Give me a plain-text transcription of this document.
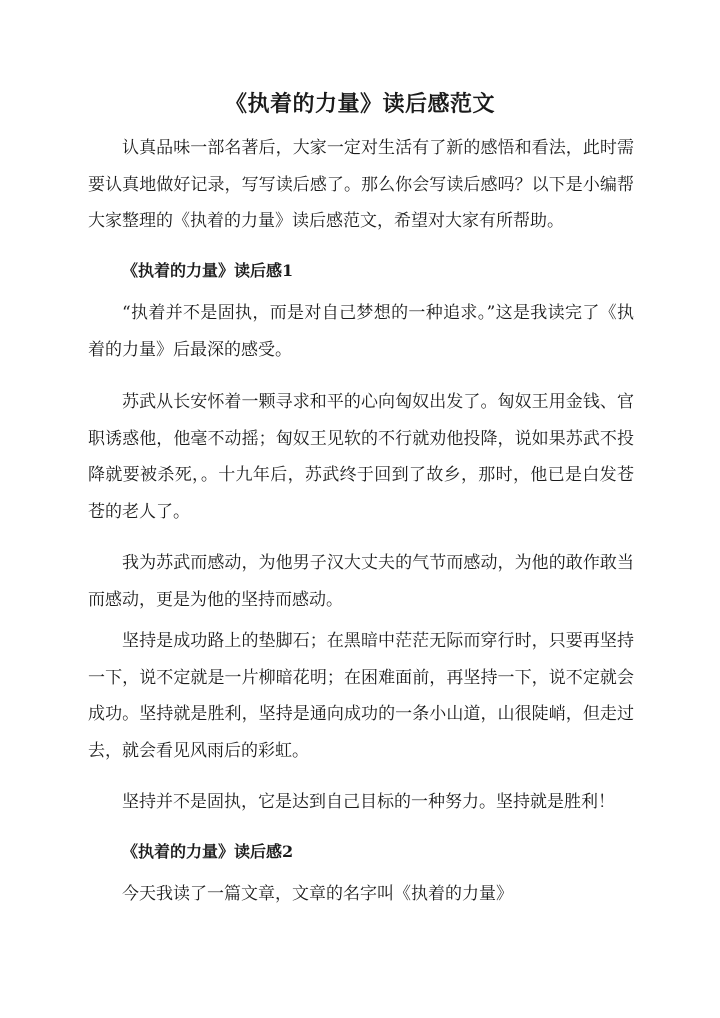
《执着的力量》读后感范文

认真品味一部名著后，大家一定对生活有了新的感悟和看法，此时需要认真地做好记录，写写读后感了。那么你会写读后感吗？以下是小编帮大家整理的《执着的力量》读后感范文，希望对大家有所帮助。

《执着的力量》读后感1

“执着并不是固执，而是对自己梦想的一种追求。”这是我读完了《执着的力量》后最深的感受。

苏武从长安怀着一颗寻求和平的心向匈奴出发了。匈奴王用金钱、官职诱惑他，他毫不动摇；匈奴王见软的不行就劝他投降，说如果苏武不投降就要被杀死，。十九年后，苏武终于回到了故乡，那时，他已是白发苍苍的老人了。

我为苏武而感动，为他男子汉大丈夫的气节而感动，为他的敢作敢当而感动，更是为他的坚持而感动。

坚持是成功路上的垫脚石；在黑暗中茫茫无际而穿行时，只要再坚持一下，说不定就是一片柳暗花明；在困难面前，再坚持一下，说不定就会成功。坚持就是胜利，坚持是通向成功的一条小山道，山很陡峭，但走过去，就会看见风雨后的彩虹。

坚持并不是固执，它是达到自己目标的一种努力。坚持就是胜利！

《执着的力量》读后感2

今天我读了一篇文章，文章的名字叫《执着的力量》
